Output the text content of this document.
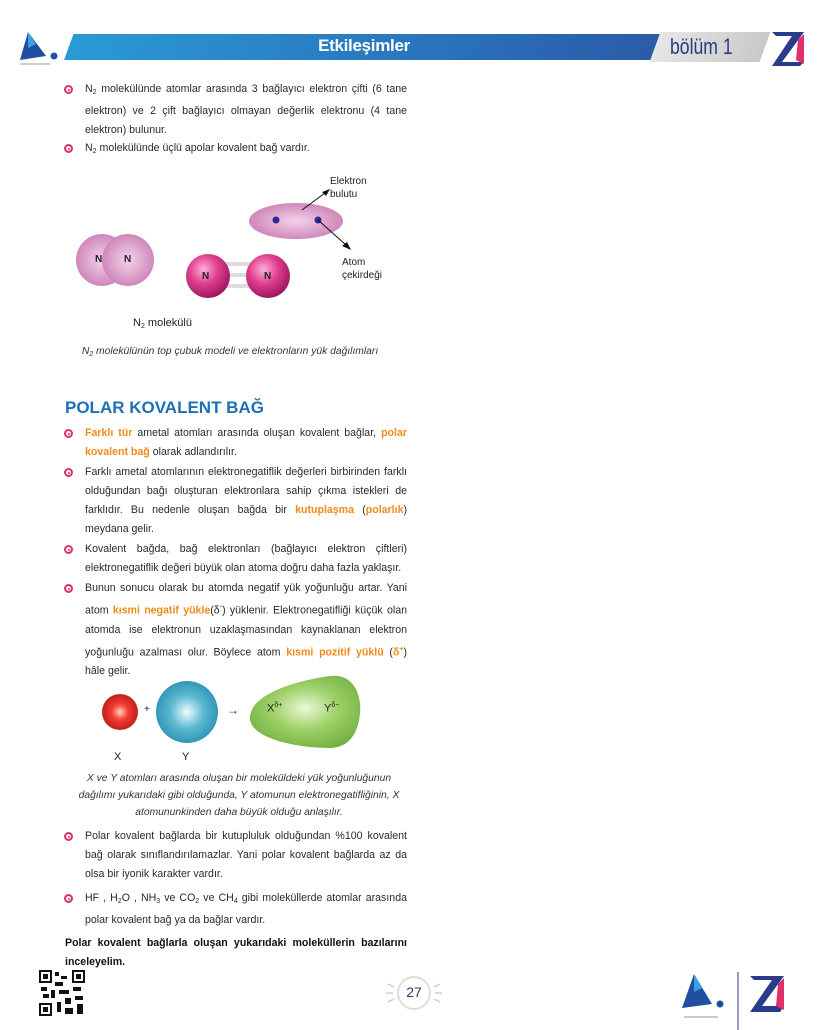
Etkileşimler	bölüm 1
$N_2$ molekülünde atomlar arasında 3 bağlayıcı elektron çifti (6 tane elektron) ve 2 çift bağlayıcı olmayan değerlik elektronu (4 tane elektron) bulunur.
$N_2$ molekülünde üçlü apolar kovalent bağ vardır.
N N
N	N
Elektron bulutu
Atom çekirdeği
$N_2$ molekülü
$N_2$ molekülünün top çubuk modeli ve elektronların yük dağılımları
POLAR KOVALENT BAĞ
Farklı tür ametal atomları arasında oluşan kovalent bağlar, polar kovalent bağ olarak adlandırılır.
Farklı ametal atomlarının elektronegatiflik değerleri birbirinden farklı olduğundan bağı oluşturan elektronlara sahip çıkma istekleri de farklıdır. Bu nedenle oluşan bağda bir kutuplaşma (polarlık) meydana gelir.
Kovalent bağda, bağ elektronları (bağlayıcı elektron çiftleri) elektronegatiflik değeri büyük olan atoma doğru daha fazla yaklaşır.
Bunun sonucu olarak bu atomda negatif yük yoğunluğu artar. Yani atom kısmi negatif yükle(δ-) yüklenir. Elektronegatifliği küçük olan atomda ise elektronun uzaklaşmasından kaynaklanan elektron yoğunluğu azalması olur. Böylece atom kısmi pozitif yüklü (δ+) hâle gelir.
+	→	$X^{\delta+}$	$Y^{\delta-}$
X	Y
X ve Y atomları arasında oluşan bir moleküldeki yük yoğunluğunun dağılımı yukarıdaki gibi olduğunda, Y atomunun elektronegatifliğinin, X atomununkinden daha büyük olduğu anlaşılır.
Polar kovalent bağlarda bir kutupluluk olduğundan %100 kovalent bağ olarak sınıflandırılamazlar. Yani polar kovalent bağlarda az da olsa bir iyonik karakter vardır.
HF , $H_2O$ , $NH_3$ ve $CO_2$ ve $CH_4$ gibi moleküllerde atomlar arasında polar kovalent bağ ya da bağlar vardır.
Polar kovalent bağlarla oluşan yukarıdaki moleküllerin bazılarını inceleyelim.
27
